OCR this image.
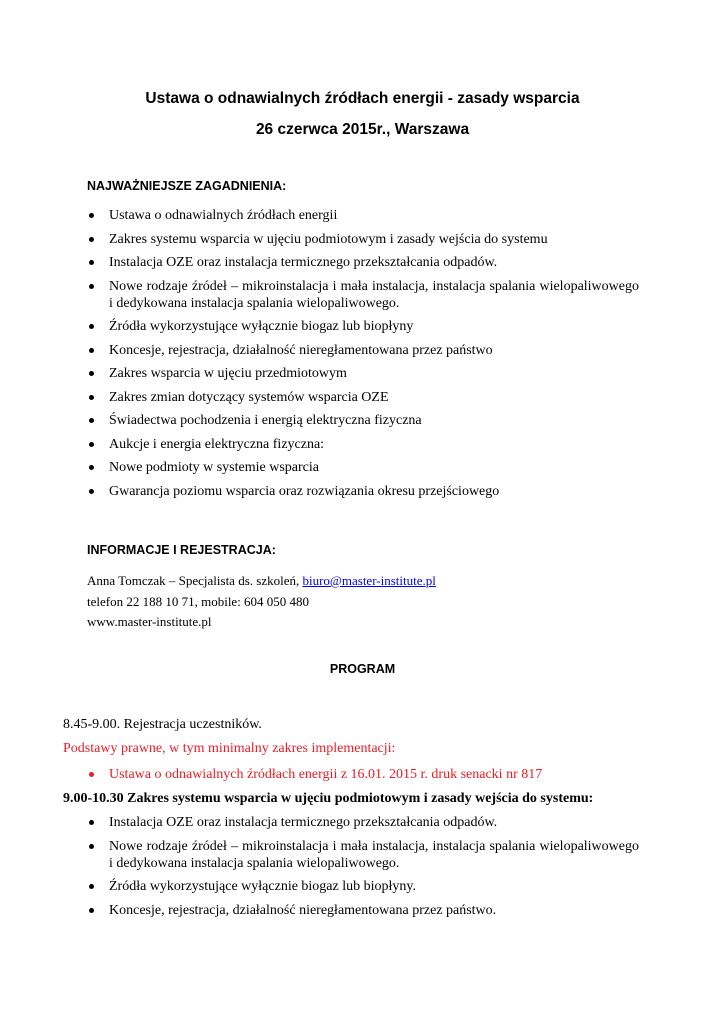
Ustawa o odnawialnych źródłach energii - zasady wsparcia
26 czerwca 2015r., Warszawa
NAJWAŻNIEJSZE ZAGADNIENIA:
Ustawa o odnawialnych źródłach energii
Zakres systemu wsparcia w ujęciu podmiotowym i zasady wejścia do systemu
Instalacja OZE oraz instalacja termicznego przekształcania odpadów.
Nowe rodzaje źródeł – mikroinstalacja i mała instalacja, instalacja spalania wielopaliwowego i dedykowana instalacja spalania wielopaliwowego.
Źródła wykorzystujące wyłącznie biogaz lub biopłyny
Koncesje, rejestracja, działalność nieregłamentowana przez państwo
Zakres wsparcia w ujęciu przedmiotowym
Zakres zmian dotyczący systemów wsparcia OZE
Świadectwa pochodzenia i energią elektryczna fizyczna
Aukcje i energia elektryczna fizyczna:
Nowe podmioty w systemie wsparcia
Gwarancja poziomu wsparcia oraz rozwiązania okresu przejściowego
INFORMACJE I REJESTRACJA:
Anna Tomczak – Specjalista ds. szkoleń, biuro@master-institute.pl
telefon 22 188 10 71, mobile: 604 050 480
www.master-institute.pl
PROGRAM
8.45-9.00. Rejestracja uczestników.
Podstawy prawne, w tym minimalny zakres implementacji:
Ustawa o odnawialnych źródłach energii z 16.01. 2015 r. druk senacki nr 817
9.00-10.30 Zakres systemu wsparcia w ujęciu podmiotowym i zasady wejścia do systemu:
Instalacja OZE oraz instalacja termicznego przekształcania odpadów.
Nowe rodzaje źródeł – mikroinstalacja i mała instalacja, instalacja spalania wielopaliwowego i dedykowana instalacja spalania wielopaliwowego.
Źródła wykorzystujące wyłącznie biogaz lub biopłyny.
Koncesje, rejestracja, działalność nieregłamentowana przez państwo.
